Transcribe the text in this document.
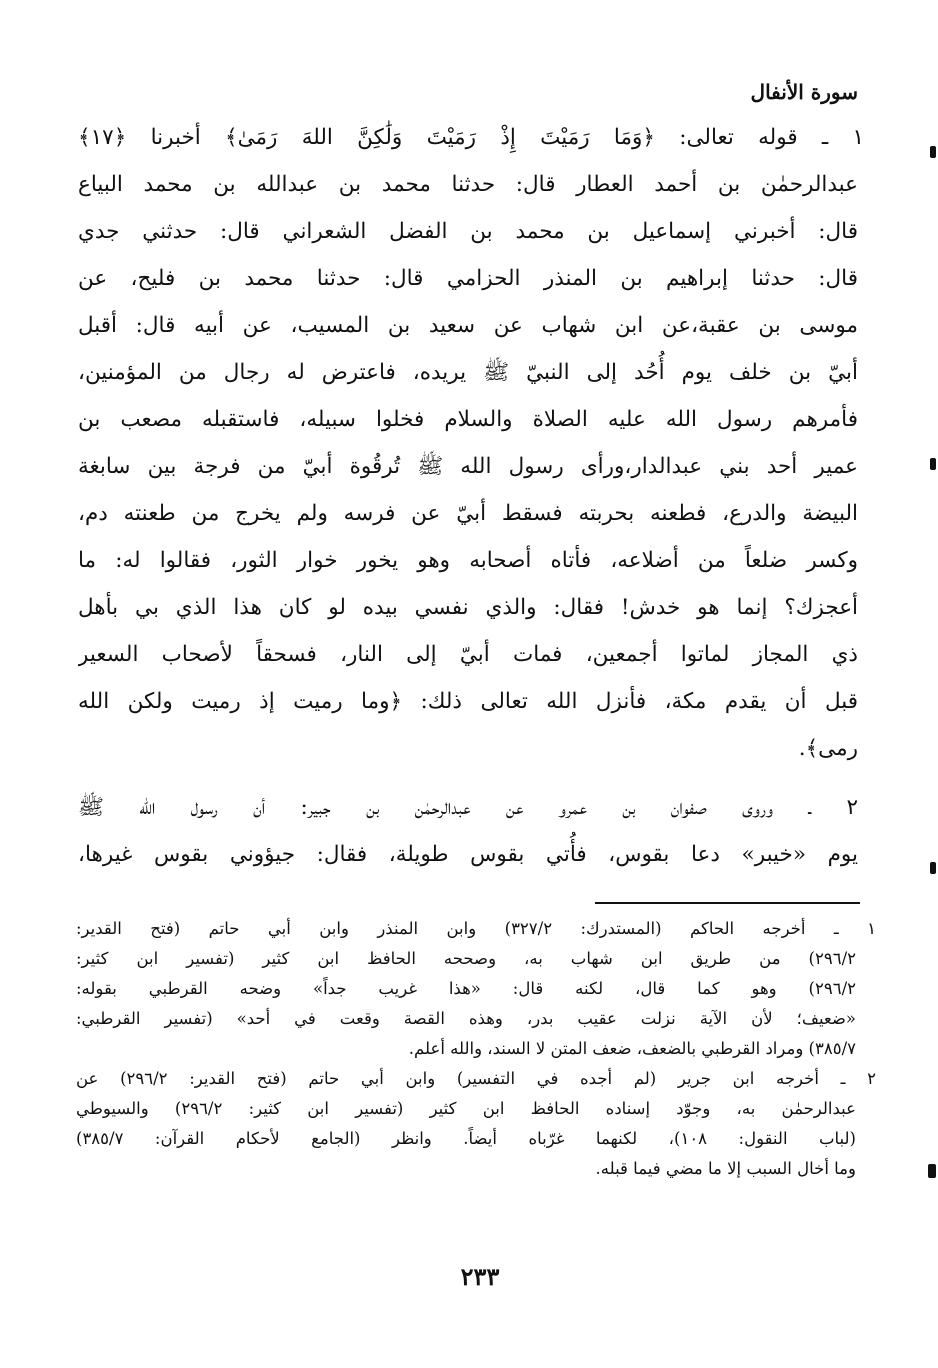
سورة الأنفال
١ ـ قوله تعالى: ﴿وَمَا رَمَيْتَ إِذْ رَمَيْتَ وَلَٰكِنَّ اللهَ رَمَىٰ﴾ أخبرنا ﴿١٧﴾
عبدالرحمٰن بن أحمد العطار قال: حدثنا محمد بن عبدالله بن محمد البياع
قال: أخبرني إسماعيل بن محمد بن الفضل الشعراني قال: حدثني جدي
قال: حدثنا إبراهيم بن المنذر الحزامي قال: حدثنا محمد بن فليح، عن
موسى بن عقبة،عن ابن شهاب عن سعيد بن المسيب، عن أبيه قال: أقبل
أبيّ بن خلف يوم أُحُد إلى النبيّ ﷺ يريده، فاعترض له رجال من المؤمنين،
فأمرهم رسول الله عليه الصلاة والسلام فخلوا سبيله، فاستقبله مصعب بن
عمير أحد بني عبدالدار،ورأى رسول الله ﷺ تُرقُوة أبيّ من فرجة بين سابغة
البيضة والدرع، فطعنه بحربته فسقط أبيّ عن فرسه ولم يخرج من طعنته دم،
وكسر ضلعاً من أضلاعه، فأتاه أصحابه وهو يخور خوار الثور، فقالوا له: ما
أعجزك؟ إنما هو خدش! فقال: والذي نفسي بيده لو كان هذا الذي بي بأهل
ذي المجاز لماتوا أجمعين، فمات أبيّ إلى النار، فسحقاً لأصحاب السعير
قبل أن يقدم مكة، فأنزل الله تعالى ذلك: ﴿وما رميت إذ رميت ولكن الله
رمى﴾.
٢ ـ وروى صفوان بن عمرو عن عبدالرحمٰن بن جبير: أن رسول الله ﷺ
يوم «خيبر» دعا بقوس، فأُتي بقوس طويلة، فقال: جيؤوني بقوس غيرها،
١ ـ أخرجه الحاكم (المستدرك: ٣٢٧/٢) وابن المنذر وابن أبي حاتم (فتح القدير:
٢٩٦/٢) من طريق ابن شهاب به، وصححه الحافظ ابن كثير (تفسير ابن كثير:
٢٩٦/٢) وهو كما قال، لكنه قال: «هذا غريب جداً» وضحه القرطبي بقوله:
«ضعيف؛ لأن الآية نزلت عقيب بدر، وهذه القصة وقعت في أحد» (تفسير القرطبي:
٣٨٥/٧) ومراد القرطبي بالضعف، ضعف المتن لا السند، والله أعلم.
٢ ـ أخرجه ابن جرير (لم أجده في التفسير) وابن أبي حاتم (فتح القدير: ٢٩٦/٢) عن
عبدالرحمٰن به، وجوّد إسناده الحافظ ابن كثير (تفسير ابن كثير: ٢٩٦/٢) والسيوطي
(لباب النقول: ١٠٨)، لكنهما غرّباه أيضاً. وانظر (الجامع لأحكام القرآن: ٣٨٥/٧)
وما أخال السبب إلا ما مضي فيما قبله.
٢٣٣
